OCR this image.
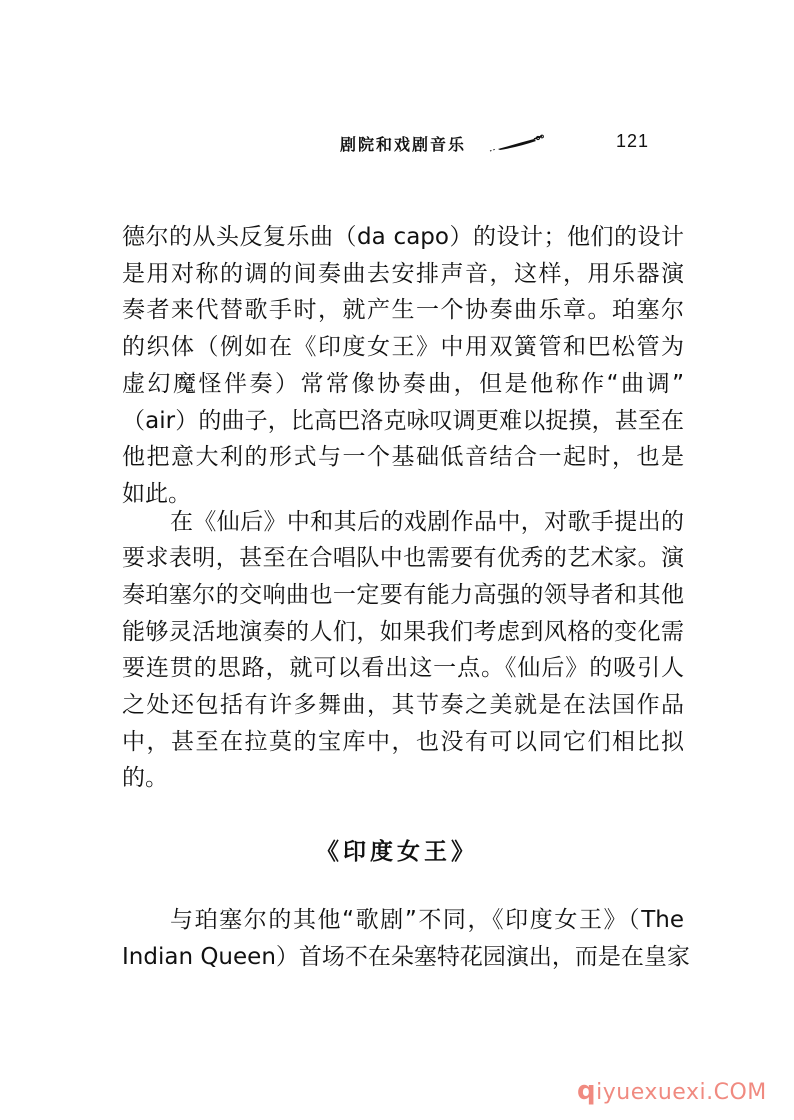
剧院和戏剧音乐	121
德尔的从头反复乐曲（da capo）的设计；他们的设计
是用对称的调的间奏曲去安排声音，这样，用乐器演
奏者来代替歌手时，就产生一个协奏曲乐章。珀塞尔
的织体（例如在《印度女王》中用双簧管和巴松管为
虚幻魔怪伴奏）常常像协奏曲，但是他称作“曲调”
（air）的曲子，比高巴洛克咏叹调更难以捉摸，甚至在
他把意大利的形式与一个基础低音结合一起时，也是
如此。
在《仙后》中和其后的戏剧作品中，对歌手提出的
要求表明，甚至在合唱队中也需要有优秀的艺术家。演
奏珀塞尔的交响曲也一定要有能力高强的领导者和其他
能够灵活地演奏的人们，如果我们考虑到风格的变化需
要连贯的思路，就可以看出这一点。《仙后》的吸引人
之处还包括有许多舞曲，其节奏之美就是在法国作品
中，甚至在拉莫的宝库中，也没有可以同它们相比拟
的。
《印度女王》
与珀塞尔的其他“歌剧”不同，《印度女王》（The
Indian Queen）首场不在朵塞特花园演出，而是在皇家
qiyuexuexi.COM
